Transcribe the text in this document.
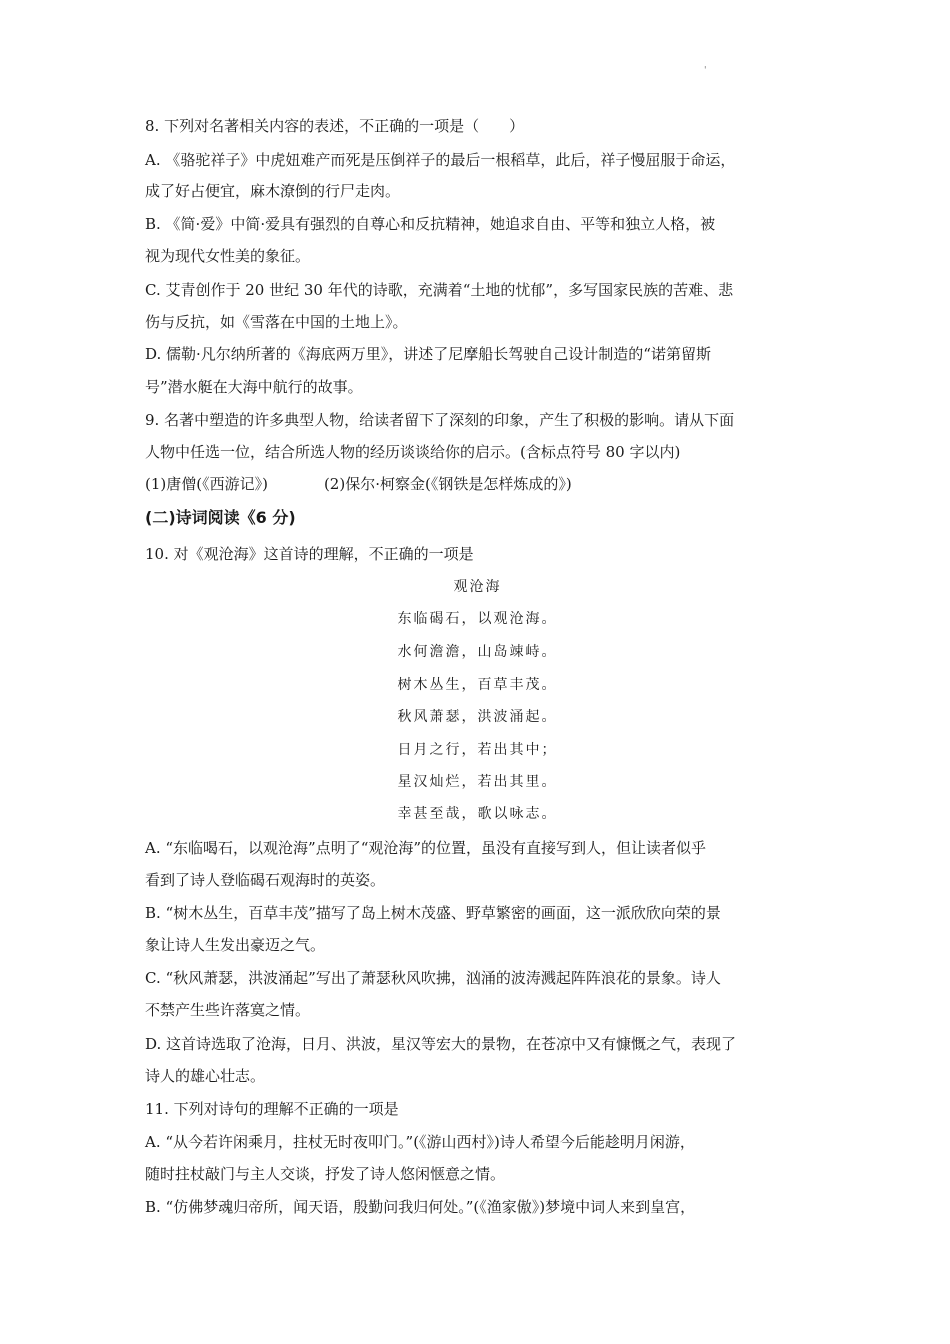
'
8. 下列对名著相关内容的表述，不正确的一项是（　　）
A. 《骆驼祥子》中虎妞难产而死是压倒祥子的最后一根稻草，此后，祥子慢屈服于命运，
成了好占便宜，麻木潦倒的行尸走肉。
B. 《简·爱》中简·爱具有强烈的自尊心和反抗精神，她追求自由、平等和独立人格，被
视为现代女性美的象征。
C. 艾青创作于 20 世纪 30 年代的诗歌，充满着“土地的忧郁”，多写国家民族的苦难、悲
伤与反抗，如《雪落在中国的土地上》。
D. 儒勒·凡尔纳所著的《海底两万里》，讲述了尼摩船长驾驶自己设计制造的“诺第留斯
号”潜水艇在大海中航行的故事。
9. 名著中塑造的许多典型人物，给读者留下了深刻的印象，产生了积极的影响。请从下面
人物中任选一位，结合所选人物的经历谈谈给你的启示。(含标点符号 80 字以内)
(1)唐僧(《西游记》)	(2)保尔·柯察金(《钢铁是怎样炼成的》)
(二)诗词阅读《6 分)
10. 对《观沧海》这首诗的理解，不正确的一项是
观沧海
东临碣石，以观沧海。
水何澹澹，山岛竦峙。
树木丛生，百草丰茂。
秋风萧瑟，洪波涌起。
日月之行，若出其中；
星汉灿烂，若出其里。
幸甚至哉，歌以咏志。
A. “东临喝石，以观沧海”点明了“观沧海”的位置，虽没有直接写到人，但让读者似乎
看到了诗人登临碣石观海时的英姿。
B. “树木丛生，百草丰茂”描写了岛上树木茂盛、野草繁密的画面，这一派欣欣向荣的景
象让诗人生发出豪迈之气。
C. “秋风萧瑟，洪波涌起”写出了萧瑟秋风吹拂，汹涌的波涛溅起阵阵浪花的景象。诗人
不禁产生些许落寞之情。
D. 这首诗选取了沧海，日月、洪波，星汉等宏大的景物，在苍凉中又有慷慨之气，表现了
诗人的雄心壮志。
11. 下列对诗句的理解不正确的一项是
A. “从今若许闲乘月，拄杖无时夜叩门。”(《游山西村》)诗人希望今后能趁明月闲游，
随时拄杖敲门与主人交谈，抒发了诗人悠闲惬意之情。
B. “仿佛梦魂归帝所，闻天语，殷勤问我归何处。”(《渔家傲》)梦境中词人来到皇宫，
